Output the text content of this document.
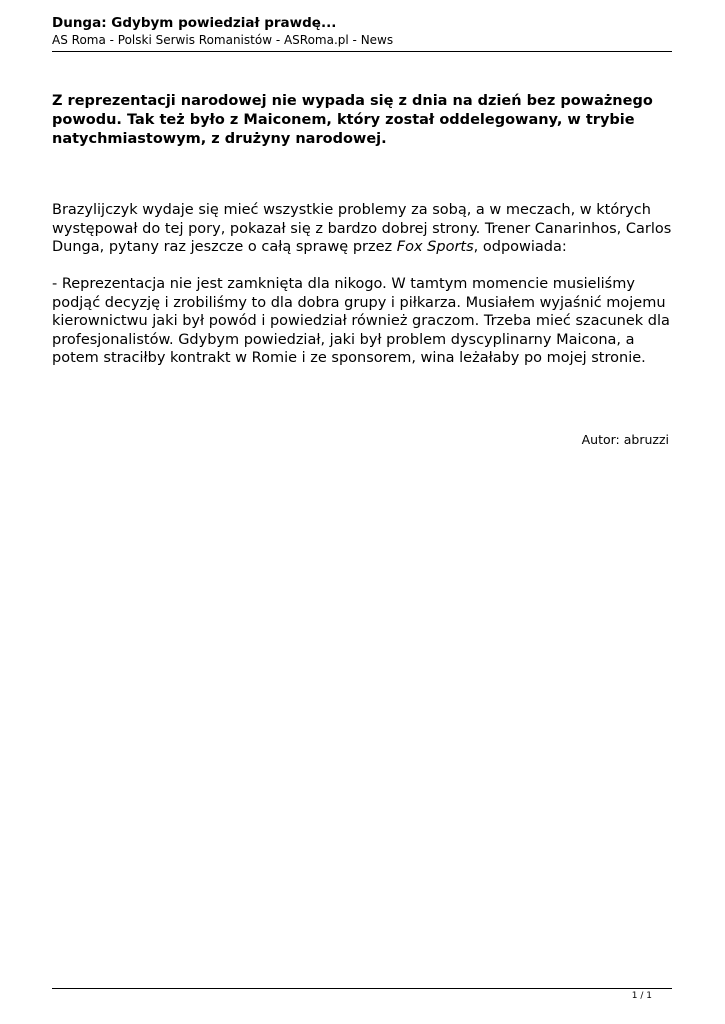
Dunga: Gdybym powiedział prawdę...
AS Roma - Polski Serwis Romanistów - ASRoma.pl - News
Z reprezentacji narodowej nie wypada się z dnia na dzień bez poważnego powodu. Tak też było z Maiconem, który został oddelegowany, w trybie natychmiastowym, z drużyny narodowej.

Brazylijczyk wydaje się mieć wszystkie problemy za sobą, a w meczach, w których występował do tej pory, pokazał się z bardzo dobrej strony. Trener Canarinhos, Carlos Dunga, pytany raz jeszcze o całą sprawę przez Fox Sports, odpowiada:

- Reprezentacja nie jest zamknięta dla nikogo. W tamtym momencie musieliśmy podjąć decyzję i zrobiliśmy to dla dobra grupy i piłkarza. Musiałem wyjaśnić mojemu kierownictwu jaki był powód i powiedział również graczom. Trzeba mieć szacunek dla profesjonalistów. Gdybym powiedział, jaki był problem dyscyplinarny Maicona, a potem straciłby kontrakt w Romie i ze sponsorem, wina leżałaby po mojej stronie.

Autor: abruzzi
1 / 1
